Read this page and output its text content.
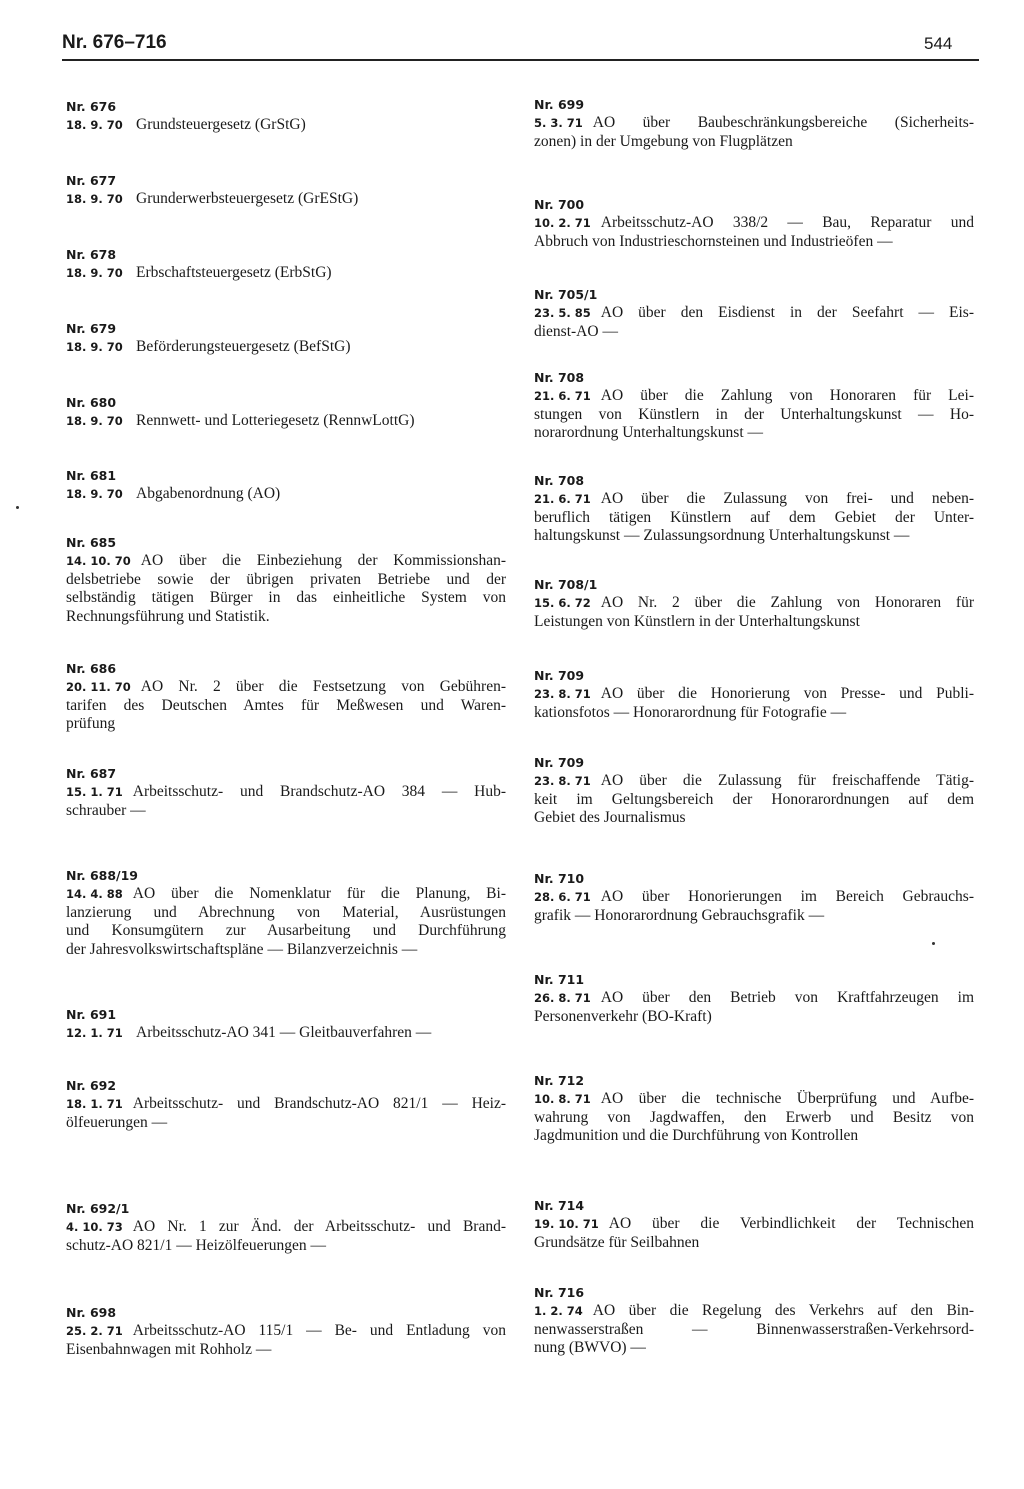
Nr. 676–716	544
Nr. 676
18. 9. 70 Grundsteuergesetz (GrStG)
Nr. 677
18. 9. 70 Grunderwerbsteuergesetz (GrEStG)
Nr. 678
18. 9. 70 Erbschaftsteuergesetz (ErbStG)
Nr. 679
18. 9. 70 Beförderungsteuergesetz (BefStG)
Nr. 680
18. 9. 70 Rennwett- und Lotteriegesetz (RennwLottG)
Nr. 681
18. 9. 70 Abgabenordnung (AO)
Nr. 685
14. 10. 70 AO über die Einbeziehung der Kommissionshan-
delsbetriebe sowie der übrigen privaten Betriebe und der
selbständig tätigen Bürger in das einheitliche System von
Rechnungsführung und Statistik.
Nr. 686
20. 11. 70 AO Nr. 2 über die Festsetzung von Gebühren-
tarifen des Deutschen Amtes für Meßwesen und Waren-
prüfung
Nr. 687
15. 1. 71 Arbeitsschutz- und Brandschutz-AO 384 — Hub-
schrauber —
Nr. 688/19
14. 4. 88 AO über die Nomenklatur für die Planung, Bi-
lanzierung und Abrechnung von Material, Ausrüstungen
und Konsumgütern zur Ausarbeitung und Durchführung
der Jahresvolkswirtschaftspläne — Bilanzverzeichnis —
Nr. 691
12. 1. 71 Arbeitsschutz-AO 341 — Gleitbauverfahren —
Nr. 692
18. 1. 71 Arbeitsschutz- und Brandschutz-AO 821/1 — Heiz-
ölfeuerungen —
Nr. 692/1
4. 10. 73 AO Nr. 1 zur Änd. der Arbeitsschutz- und Brand-
schutz-AO 821/1 — Heizölfeuerungen —
Nr. 698
25. 2. 71 Arbeitsschutz-AO 115/1 — Be- und Entladung von
Eisenbahnwagen mit Rohholz —
Nr. 699
5. 3. 71 AO über Baubeschränkungsbereiche (Sicherheits-
zonen) in der Umgebung von Flugplätzen
Nr. 700
10. 2. 71 Arbeitsschutz-AO 338/2 — Bau, Reparatur und
Abbruch von Industrieschornsteinen und Industrieöfen —
Nr. 705/1
23. 5. 85 AO über den Eisdienst in der Seefahrt — Eis-
dienst-AO —
Nr. 708
21. 6. 71 AO über die Zahlung von Honoraren für Lei-
stungen von Künstlern in der Unterhaltungskunst — Ho-
norarordnung Unterhaltungskunst —
Nr. 708
21. 6. 71 AO über die Zulassung von frei- und neben-
beruflich tätigen Künstlern auf dem Gebiet der Unter-
haltungskunst — Zulassungsordnung Unterhaltungskunst —
Nr. 708/1
15. 6. 72 AO Nr. 2 über die Zahlung von Honoraren für
Leistungen von Künstlern in der Unterhaltungskunst
Nr. 709
23. 8. 71 AO über die Honorierung von Presse- und Publi-
kationsfotos — Honorarordnung für Fotografie —
Nr. 709
23. 8. 71 AO über die Zulassung für freischaffende Tätig-
keit im Geltungsbereich der Honorarordnungen auf dem
Gebiet des Journalismus
Nr. 710
28. 6. 71 AO über Honorierungen im Bereich Gebrauchs-
grafik — Honorarordnung Gebrauchsgrafik —
Nr. 711
26. 8. 71 AO über den Betrieb von Kraftfahrzeugen im
Personenverkehr (BO-Kraft)
Nr. 712
10. 8. 71 AO über die technische Überprüfung und Aufbe-
wahrung von Jagdwaffen, den Erwerb und Besitz von
Jagdmunition und die Durchführung von Kontrollen
Nr. 714
19. 10. 71 AO über die Verbindlichkeit der Technischen
Grundsätze für Seilbahnen
Nr. 716
1. 2. 74 AO über die Regelung des Verkehrs auf den Bin-
nenwasserstraßen — Binnenwasserstraßen-Verkehrsord-
nung (BWVO) —
